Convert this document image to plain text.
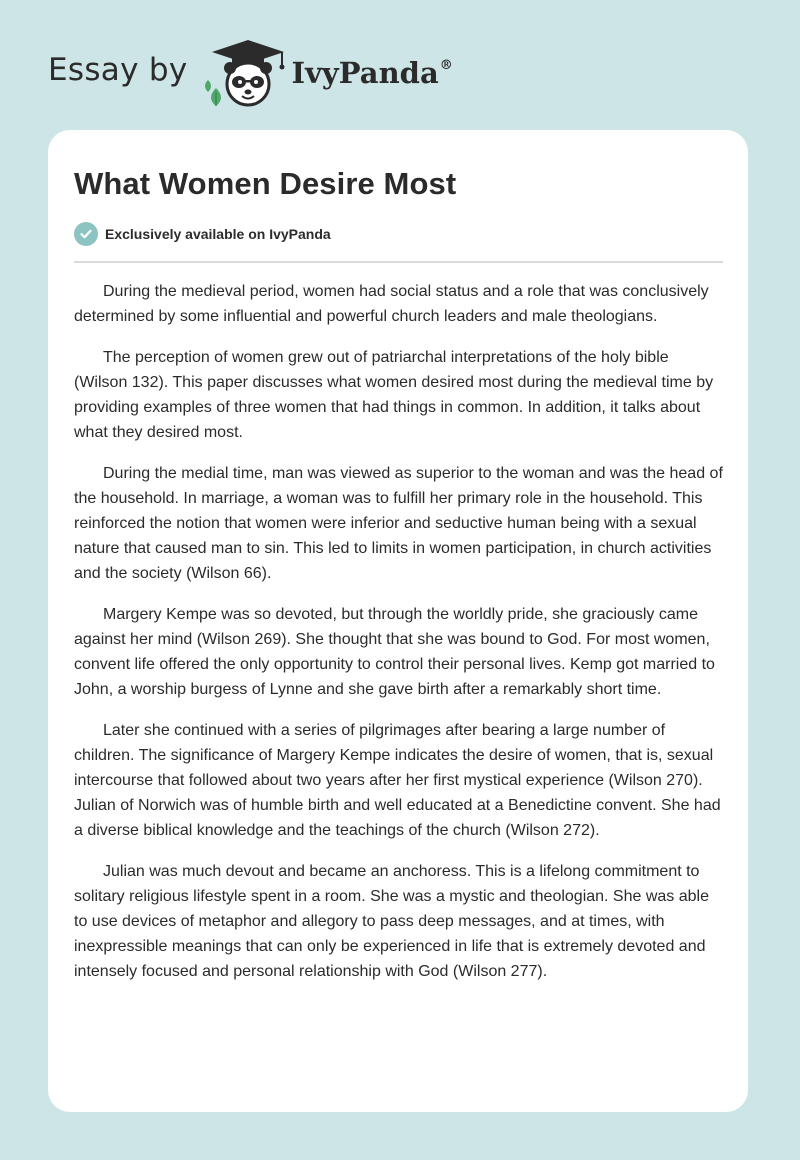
Essay by	IvyPanda®
What Women Desire Most
Exclusively available on IvyPanda

During the medieval period, women had social status and a role that was conclusively determined by some influential and powerful church leaders and male theologians.

The perception of women grew out of patriarchal interpretations of the holy bible (Wilson 132). This paper discusses what women desired most during the medieval time by providing examples of three women that had things in common. In addition, it talks about what they desired most.

During the medial time, man was viewed as superior to the woman and was the head of the household. In marriage, a woman was to fulfill her primary role in the household. This reinforced the notion that women were inferior and seductive human being with a sexual nature that caused man to sin. This led to limits in women participation, in church activities and the society (Wilson 66).

Margery Kempe was so devoted, but through the worldly pride, she graciously came against her mind (Wilson 269). She thought that she was bound to God. For most women, convent life offered the only opportunity to control their personal lives. Kemp got married to John, a worship burgess of Lynne and she gave birth after a remarkably short time.

Later she continued with a series of pilgrimages after bearing a large number of children. The significance of Margery Kempe indicates the desire of women, that is, sexual intercourse that followed about two years after her first mystical experience (Wilson 270). Julian of Norwich was of humble birth and well educated at a Benedictine convent. She had a diverse biblical knowledge and the teachings of the church (Wilson 272).

Julian was much devout and became an anchoress. This is a lifelong commitment to solitary religious lifestyle spent in a room. She was a mystic and theologian. She was able to use devices of metaphor and allegory to pass deep messages, and at times, with inexpressible meanings that can only be experienced in life that is extremely devoted and intensely focused and personal relationship with God (Wilson 277).
